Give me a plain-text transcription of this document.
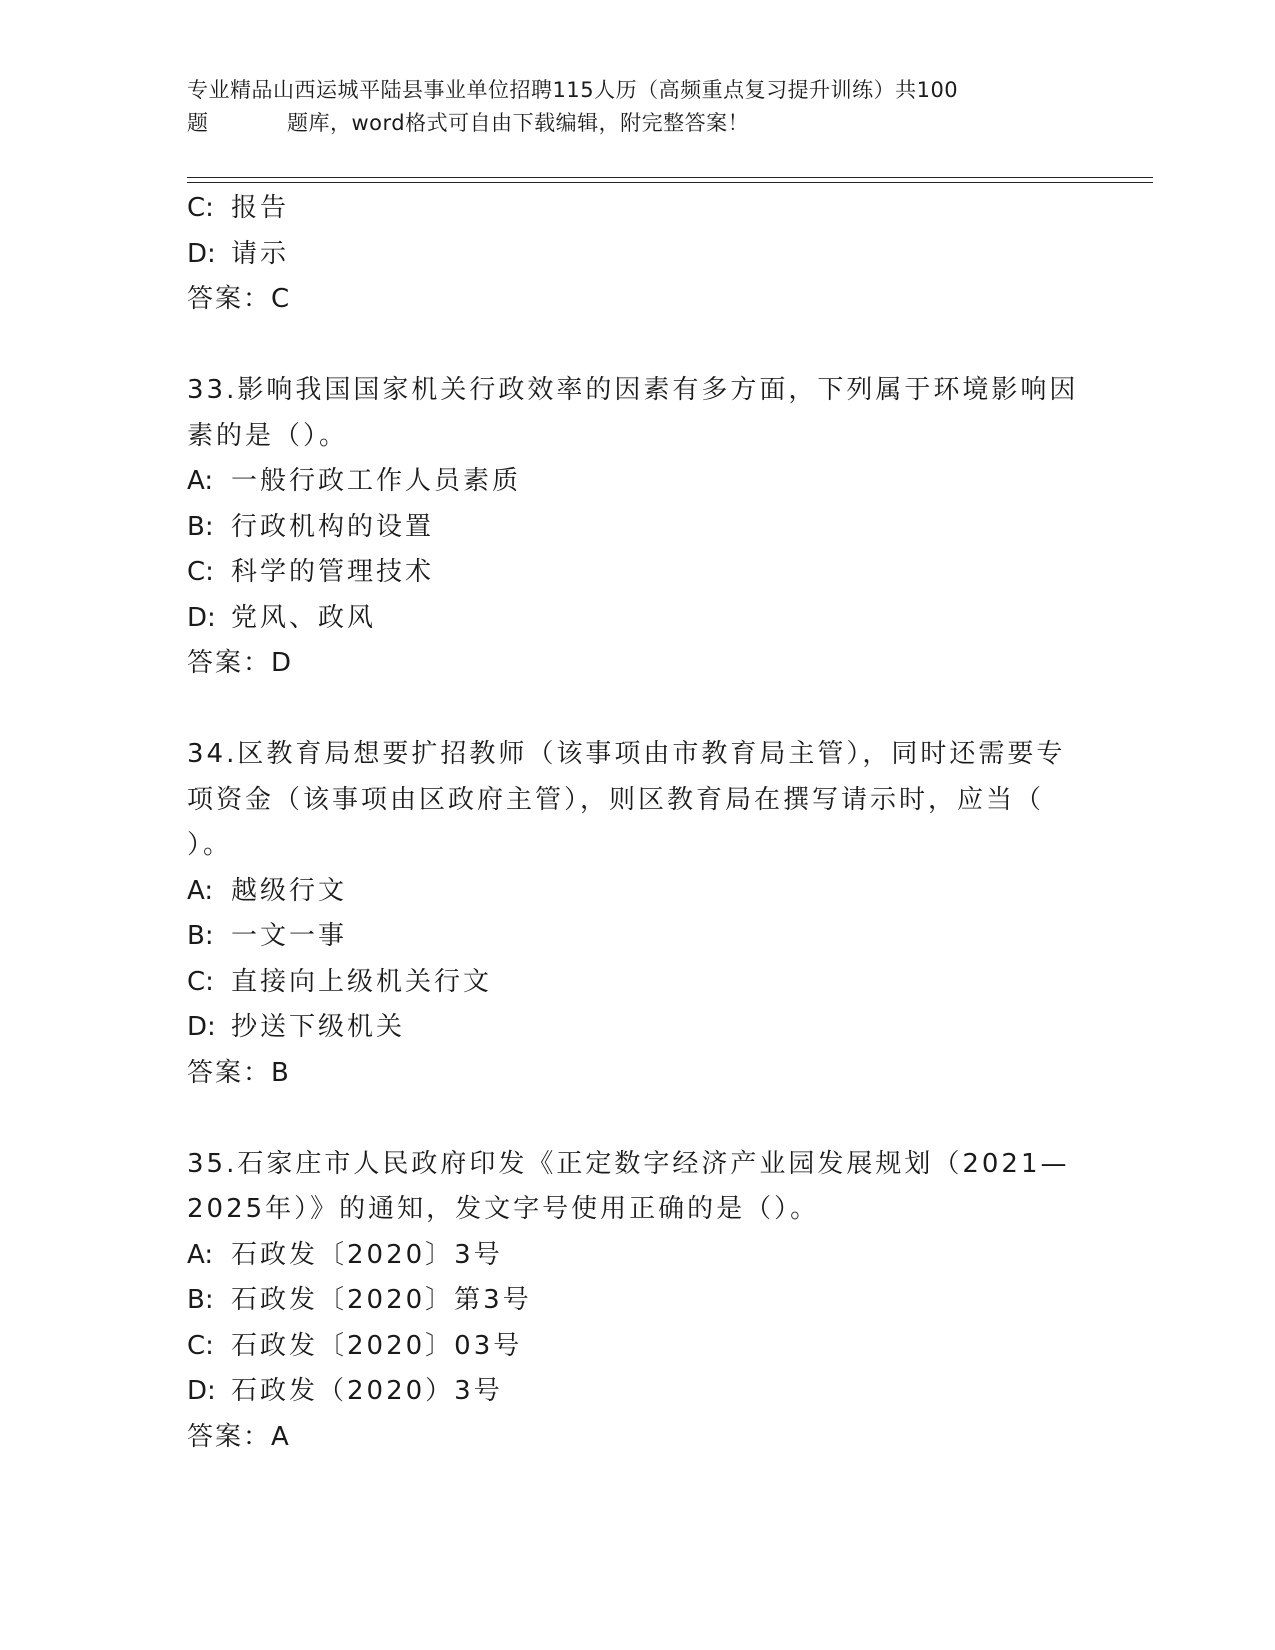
专业精品山西运城平陆县事业单位招聘115人历（高频重点复习提升训练）共100
题	题库，word格式可自由下载编辑，附完整答案！
C: 报告
D: 请示
答案：C
33.影响我国国家机关行政效率的因素有多方面，下列属于环境影响因
素的是（）。
A: 一般行政工作人员素质
B: 行政机构的设置
C: 科学的管理技术
D: 党风、政风
答案：D
34.区教育局想要扩招教师（该事项由市教育局主管），同时还需要专
项资金（该事项由区政府主管），则区教育局在撰写请示时，应当（
）。
A: 越级行文
B: 一文一事
C: 直接向上级机关行文
D: 抄送下级机关
答案：B
35.石家庄市人民政府印发《正定数字经济产业园发展规划（2021—
2025年）》的通知，发文字号使用正确的是（）。
A: 石政发〔2020〕3号
B: 石政发〔2020〕第3号
C: 石政发〔2020〕03号
D: 石政发（2020）3号
答案：A
